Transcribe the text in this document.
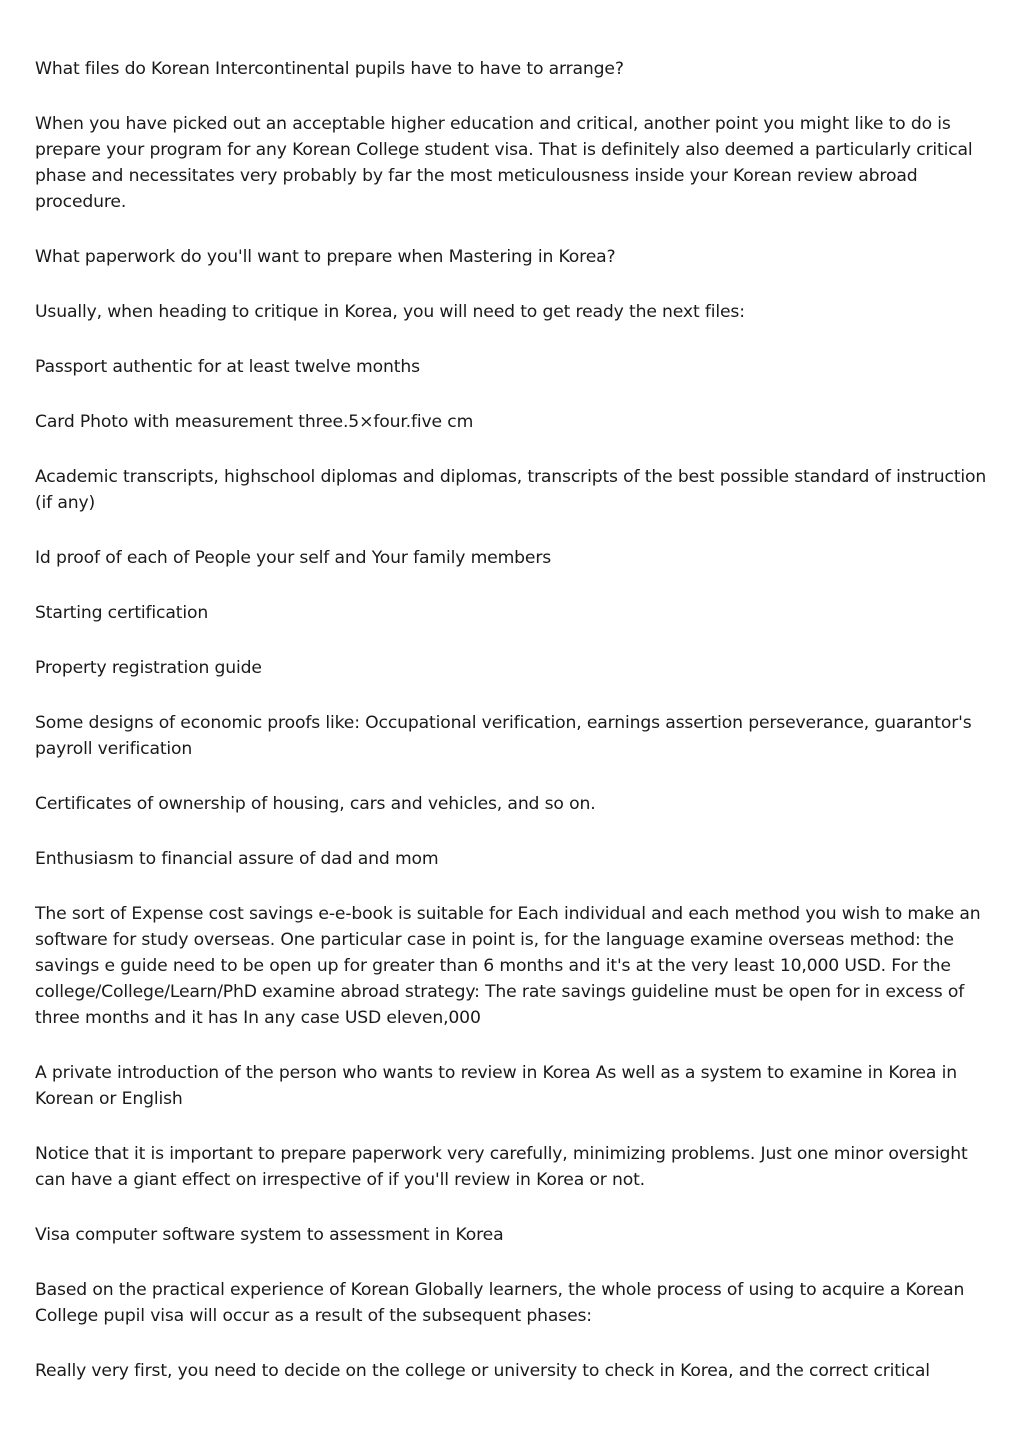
What files do Korean Intercontinental pupils have to have to arrange?

When you have picked out an acceptable higher education and critical, another point you might like to do is prepare your program for any Korean College student visa. That is definitely also deemed a particularly critical phase and necessitates very probably by far the most meticulousness inside your Korean review abroad procedure.

What paperwork do you'll want to prepare when Mastering in Korea?

Usually, when heading to critique in Korea, you will need to get ready the next files:

Passport authentic for at least twelve months

Card Photo with measurement three.5×four.five cm

Academic transcripts, highschool diplomas and diplomas, transcripts of the best possible standard of instruction (if any)

Id proof of each of People your self and Your family members

Starting certification

Property registration guide

Some designs of economic proofs like: Occupational verification, earnings assertion perseverance, guarantor's payroll verification

Certificates of ownership of housing, cars and vehicles, and so on.

Enthusiasm to financial assure of dad and mom

The sort of Expense cost savings e-e-book is suitable for Each individual and each method you wish to make an software for study overseas. One particular case in point is, for the language examine overseas method: the savings e guide need to be open up for greater than 6 months and it's at the very least 10,000 USD. For the college/College/Learn/PhD examine abroad strategy: The rate savings guideline must be open for in excess of three months and it has In any case USD eleven,000

A private introduction of the person who wants to review in Korea As well as a system to examine in Korea in Korean or English

Notice that it is important to prepare paperwork very carefully, minimizing problems. Just one minor oversight can have a giant effect on irrespective of if you'll review in Korea or not.

Visa computer software system to assessment in Korea

Based on the practical experience of Korean Globally learners, the whole process of using to acquire a Korean College pupil visa will occur as a result of the subsequent phases:

Really very first, you need to decide on the college or university to check in Korea, and the correct critical
